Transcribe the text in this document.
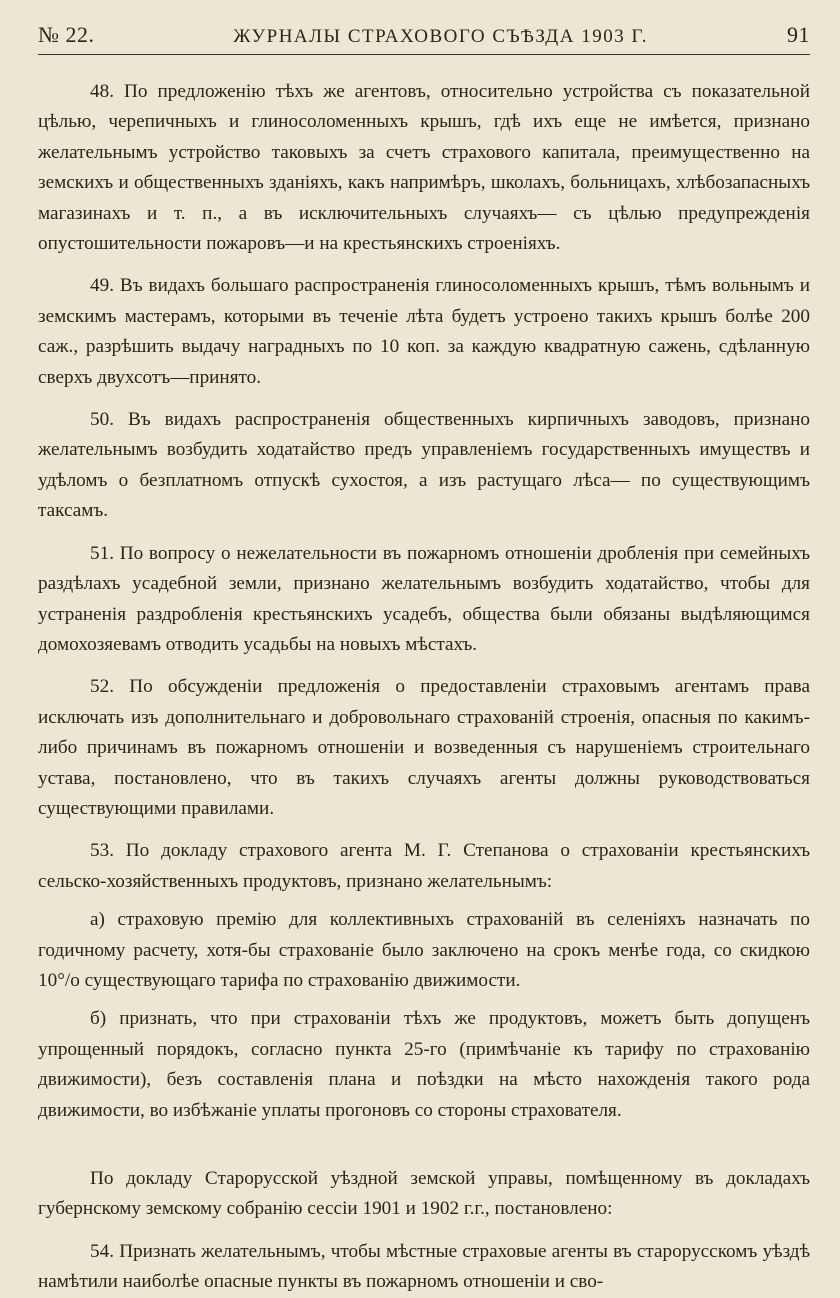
№ 22.	ЖУРНАЛЫ СТРАХОВОГО СЪѢЗДА 1903 Г.	91

48. По предложенію тѣхъ же агентовъ, относительно устройства съ показательной цѣлью, черепичныхъ и глиносоломенныхъ крышъ, гдѣ ихъ еще не имѣется, признано желательнымъ устройство таковыхъ за счетъ страхового капитала, преимущественно на земскихъ и общественныхъ зданіяхъ, какъ напримѣръ, школахъ, больницахъ, хлѣбозапасныхъ магазинахъ и т. п., а въ исключительныхъ случаяхъ— съ цѣлью предупрежденія опустошительности пожаровъ—и на крестьянскихъ строеніяхъ.

49. Въ видахъ большаго распространенія глиносоломенныхъ крышъ, тѣмъ вольнымъ и земскимъ мастерамъ, которыми въ теченіе лѣта будетъ устроено такихъ крышъ болѣе 200 саж., разрѣшить выдачу наградныхъ по 10 коп. за каждую квадратную сажень, сдѣланную сверхъ двухсотъ—принято.

50. Въ видахъ распространенія общественныхъ кирпичныхъ заводовъ, признано желательнымъ возбудить ходатайство предъ управленіемъ государственныхъ имуществъ и удѣломъ о безплатномъ отпускѣ сухостоя, а изъ растущаго лѣса— по существующимъ таксамъ.

51. По вопросу о нежелательности въ пожарномъ отношеніи дробленія при семейныхъ раздѣлахъ усадебной земли, признано желательнымъ возбудить ходатайство, чтобы для устраненія раздробленія крестьянскихъ усадебъ, общества были обязаны выдѣляющимся домохозяевамъ отводить усадьбы на новыхъ мѣстахъ.

52. По обсужденіи предложенія о предоставленіи страховымъ агентамъ права исключать изъ дополнительнаго и добровольнаго страхованій строенія, опасныя по какимъ-либо причинамъ въ пожарномъ отношеніи и возведенныя съ нарушеніемъ строительнаго устава, постановлено, что въ такихъ случаяхъ агенты должны руководствоваться существующими правилами.

53. По докладу страхового агента М. Г. Степанова о страхованіи крестьянскихъ сельско-хозяйственныхъ продуктовъ, признано желательнымъ:

а) страховую премію для коллективныхъ страхованій въ селеніяхъ назначать по годичному расчету, хотя-бы страхованіе было заключено на срокъ менѣе года, со скидкою 10°/о существующаго тарифа по страхованію движимости.

б) признать, что при страхованіи тѣхъ же продуктовъ, можетъ быть допущенъ упрощенный порядокъ, согласно пункта 25-го (примѣчаніе къ тарифу по страхованію движимости), безъ составленія плана и поѣздки на мѣсто нахожденія такого рода движимости, во избѣжаніе уплаты прогоновъ со стороны страхователя.

По докладу Старорусской уѣздной земской управы, помѣщенному въ докладахъ губернскому земскому собранію сессіи 1901 и 1902 г.г., постановлено:

54. Признать желательнымъ, чтобы мѣстные страховые агенты въ старорусскомъ уѣздѣ намѣтили наиболѣе опасные пункты въ пожарномъ отношеніи и сво-
